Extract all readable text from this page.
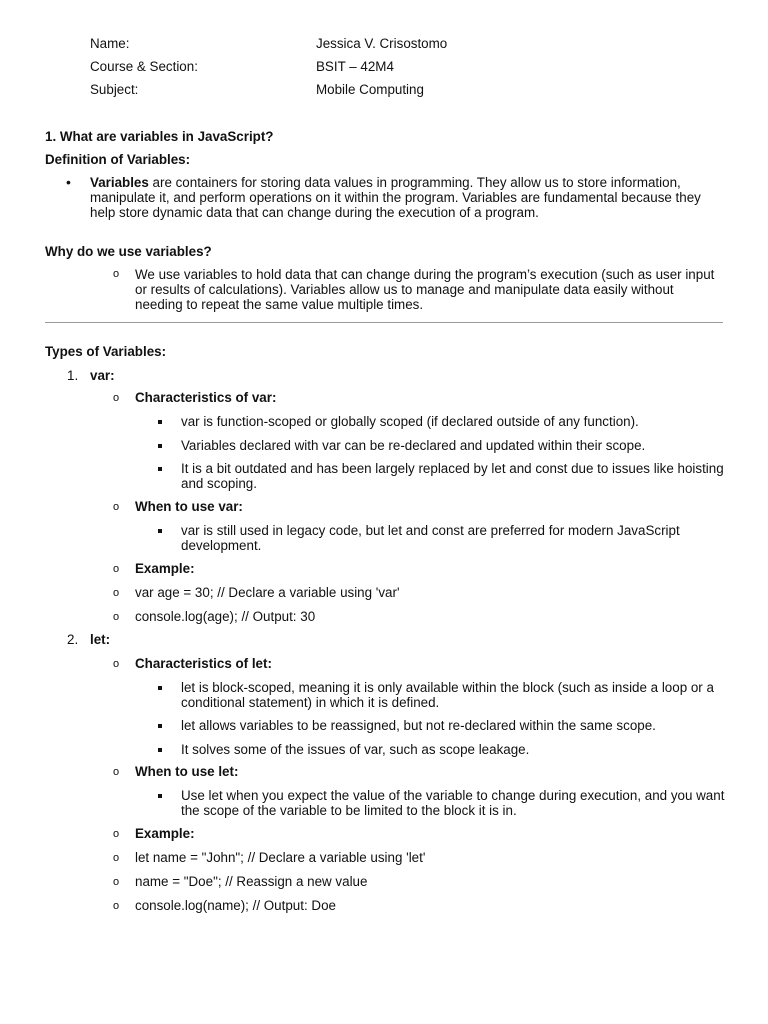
Name:	Jessica V. Crisostomo
Course & Section:	BSIT – 42M4
Subject:	Mobile Computing
1. What are variables in JavaScript?
Definition of Variables:
• Variables are containers for storing data values in programming. They allow us to store information, manipulate it, and perform operations on it within the program. Variables are fundamental because they help store dynamic data that can change during the execution of a program.
Why do we use variables?
o We use variables to hold data that can change during the program’s execution (such as user input or results of calculations). Variables allow us to manage and manipulate data easily without needing to repeat the same value multiple times.
Types of Variables:
1. var:
o Characteristics of var:
var is function-scoped or globally scoped (if declared outside of any function).
Variables declared with var can be re-declared and updated within their scope.
It is a bit outdated and has been largely replaced by let and const due to issues like hoisting and scoping.
o When to use var:
var is still used in legacy code, but let and const are preferred for modern JavaScript development.
o Example:
o var age = 30; // Declare a variable using 'var'
o console.log(age); // Output: 30
2. let:
o Characteristics of let:
let is block-scoped, meaning it is only available within the block (such as inside a loop or a conditional statement) in which it is defined.
let allows variables to be reassigned, but not re-declared within the same scope.
It solves some of the issues of var, such as scope leakage.
o When to use let:
Use let when you expect the value of the variable to change during execution, and you want the scope of the variable to be limited to the block it is in.
o Example:
o let name = "John"; // Declare a variable using 'let'
o name = "Doe"; // Reassign a new value
o console.log(name); // Output: Doe
